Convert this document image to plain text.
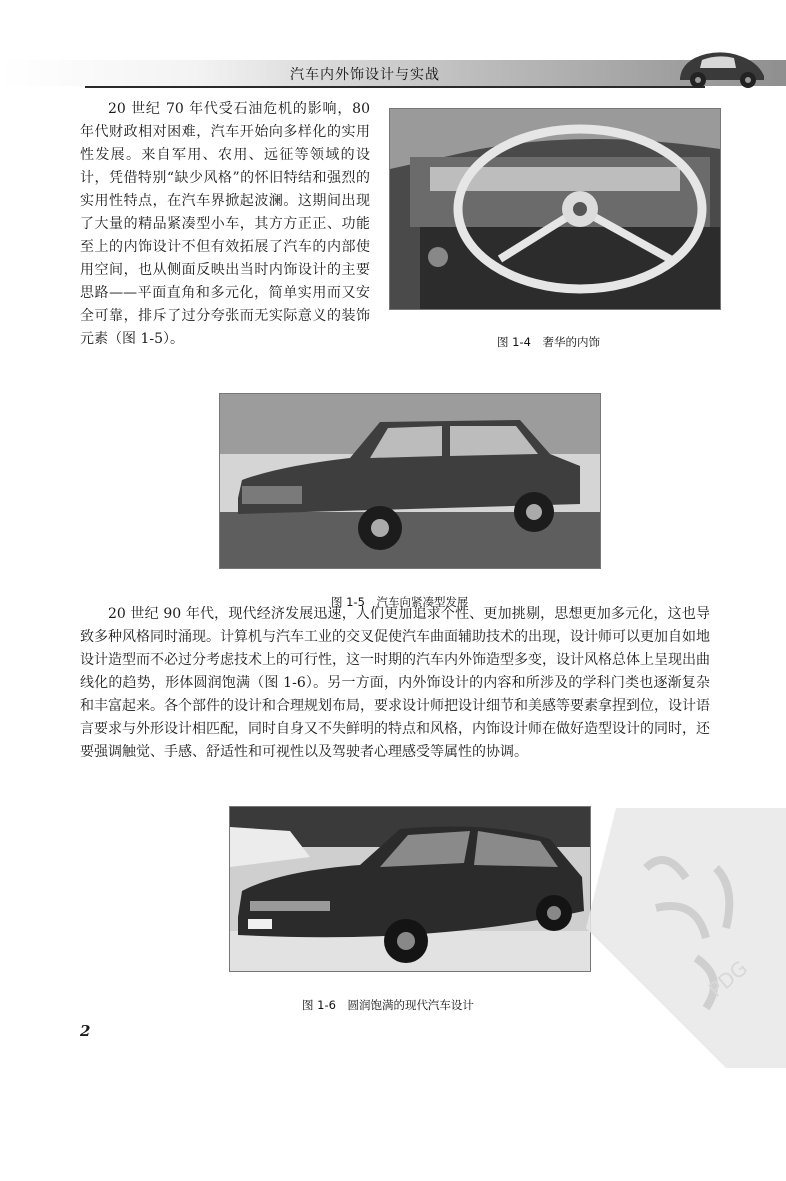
汽车内外饰设计与实战

20 世纪 70 年代受石油危机的影响，80 年代财政相对困难，汽车开始向多样化的实用性发展。来自军用、农用、远征等领域的设计，凭借特别“缺少风格”的怀旧特结和强烈的实用性特点，在汽车界掀起波澜。这期间出现了大量的精品紧凑型小车，其方方正正、功能至上的内饰设计不但有效拓展了汽车的内部使用空间，也从侧面反映出当时内饰设计的主要思路——平面直角和多元化，简单实用而又安全可靠，排斥了过分夸张而无实际意义的装饰元素（图 1-5）。	图 1-4　奢华的内饰
图 1-5　汽车向紧凑型发展

20 世纪 90 年代，现代经济发展迅速，人们更加追求个性、更加挑剔，思想更加多元化，这也导致多种风格同时涌现。计算机与汽车工业的交叉促使汽车曲面辅助技术的出现，设计师可以更加自如地设计造型而不必过分考虑技术上的可行性，这一时期的汽车内外饰造型多变，设计风格总体上呈现出曲线化的趋势，形体圆润饱满（图 1-6）。另一方面，内外饰设计的内容和所涉及的学科门类也逐渐复杂和丰富起来。各个部件的设计和合理规划布局，要求设计师把设计细节和美感等要素拿捏到位，设计语言要求与外形设计相匹配，同时自身又不失鲜明的特点和风格，内饰设计师在做好造型设计的同时，还要强调触觉、手感、舒适性和可视性以及驾驶者心理感受等属性的协调。

图 1-6　圆润饱满的现代汽车设计
2
PDG
